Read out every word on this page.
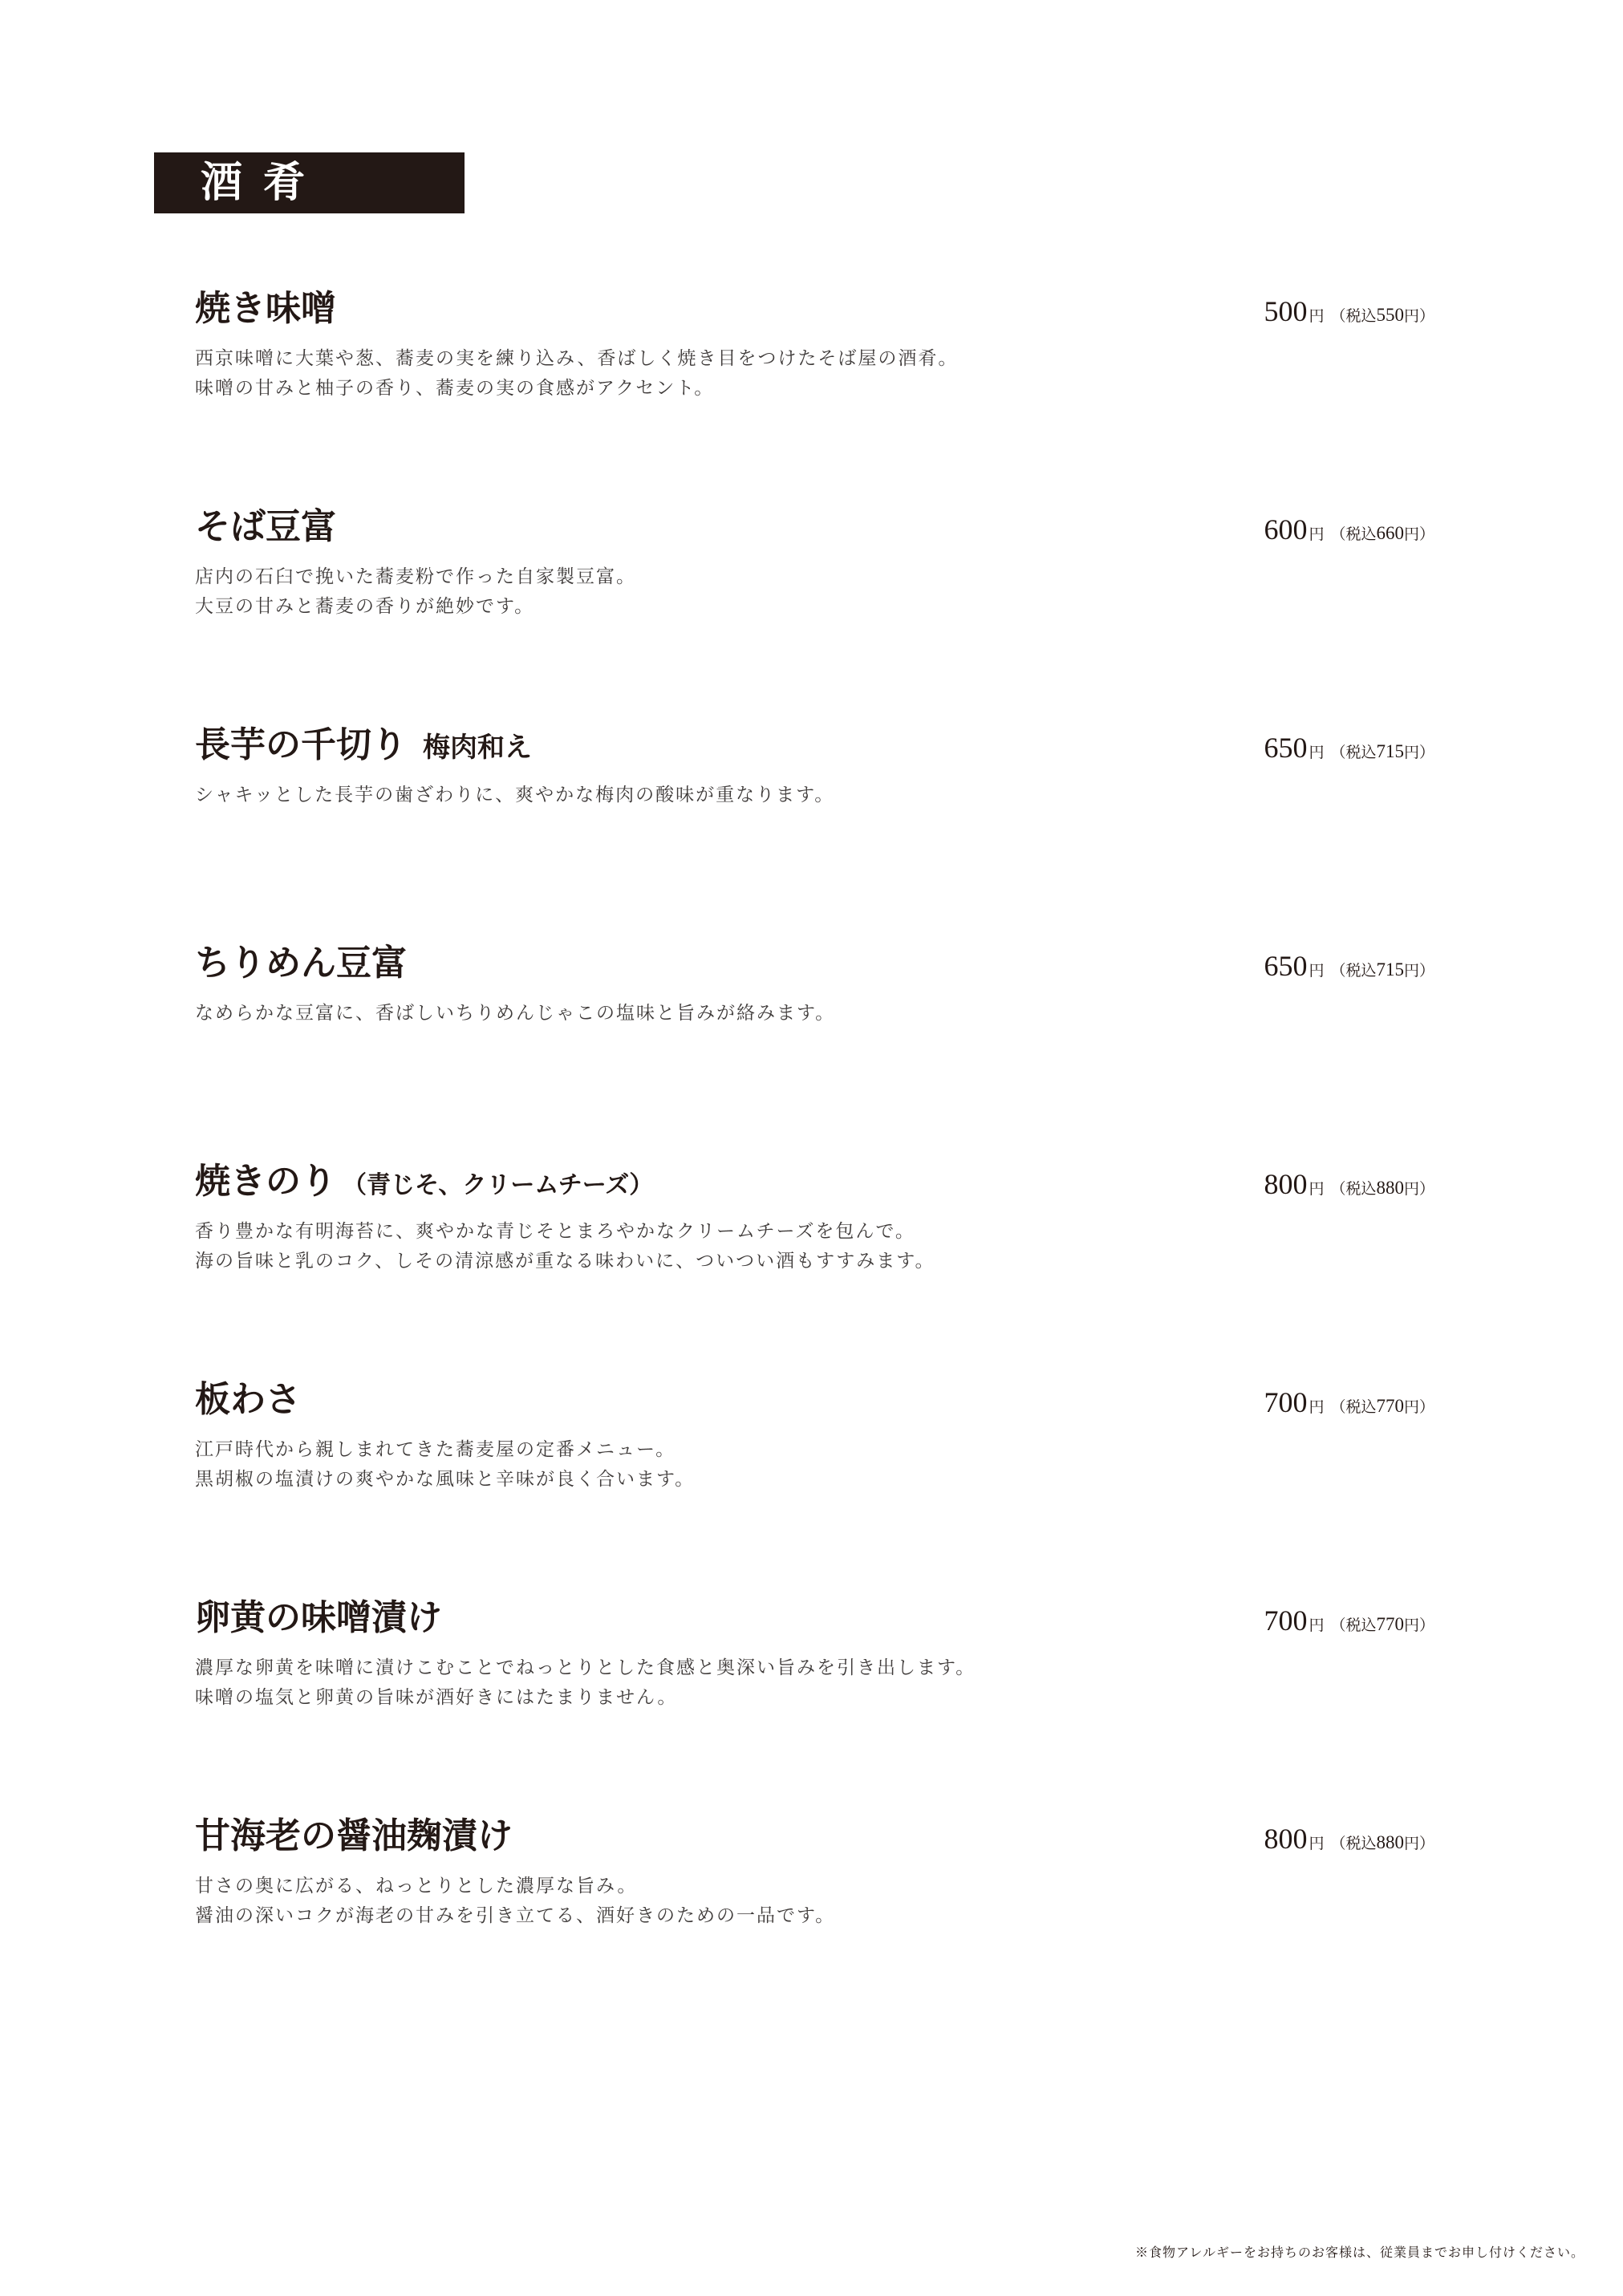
酒肴
焼き味噌	500 円 （税込550円）
西京味噌に大葉や葱、蕎麦の実を練り込み、香ばしく焼き目をつけたそば屋の酒肴。
味噌の甘みと柚子の香り、蕎麦の実の食感がアクセント。
そば豆富	600 円 （税込660円）
店内の石臼で挽いた蕎麦粉で作った自家製豆富。
大豆の甘みと蕎麦の香りが絶妙です。
長芋の千切り 梅肉和え	650 円 （税込715円）
シャキッとした長芋の歯ざわりに、爽やかな梅肉の酸味が重なります。
ちりめん豆富	650 円 （税込715円）
なめらかな豆富に、香ばしいちりめんじゃこの塩味と旨みが絡みます。
焼きのり （青じそ、クリームチーズ）	800 円 （税込880円）
香り豊かな有明海苔に、爽やかな青じそとまろやかなクリームチーズを包んで。
海の旨味と乳のコク、しその清涼感が重なる味わいに、ついつい酒もすすみます。
板わさ	700 円 （税込770円）
江戸時代から親しまれてきた蕎麦屋の定番メニュー。
黒胡椒の塩漬けの爽やかな風味と辛味が良く合います。
卵黄の味噌漬け	700 円 （税込770円）
濃厚な卵黄を味噌に漬けこむことでねっとりとした食感と奥深い旨みを引き出します。
味噌の塩気と卵黄の旨味が酒好きにはたまりません。
甘海老の醤油麹漬け	800 円 （税込880円）
甘さの奥に広がる、ねっとりとした濃厚な旨み。
醤油の深いコクが海老の甘みを引き立てる、酒好きのための一品です。
※食物アレルギーをお持ちのお客様は、従業員までお申し付けください。
